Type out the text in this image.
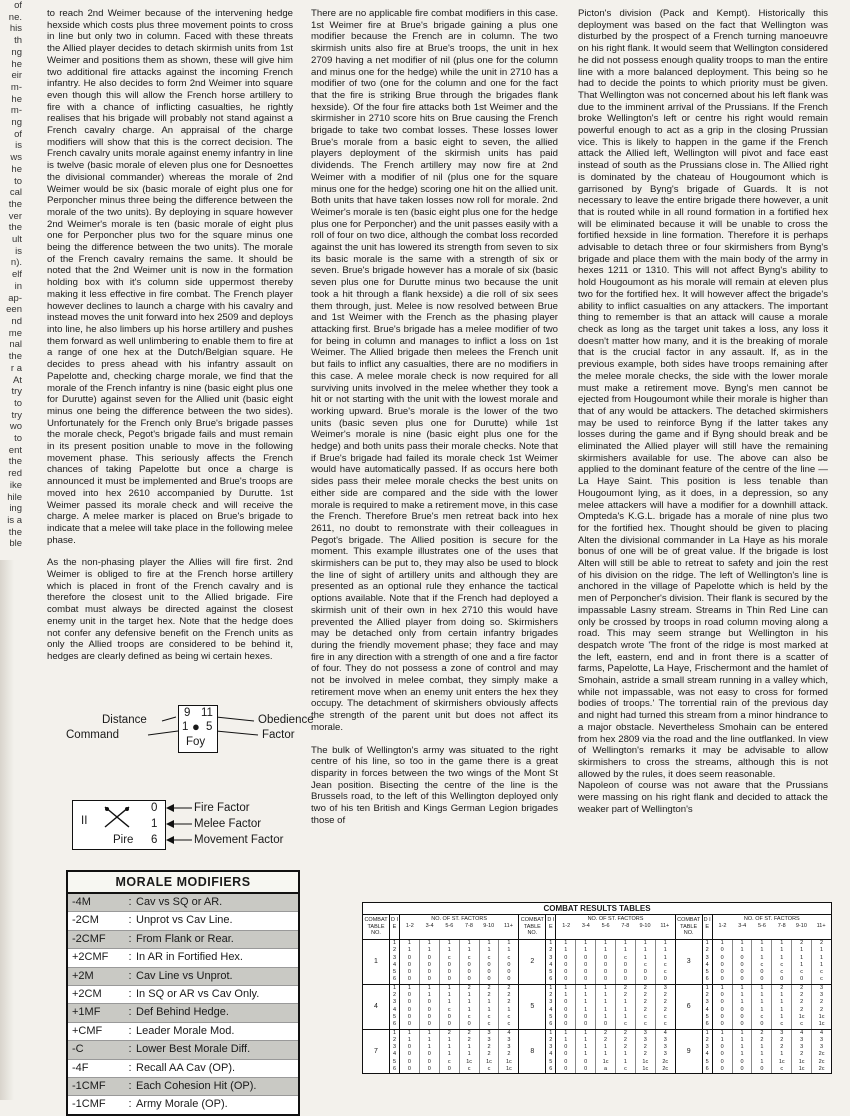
of
ne.
his
th
ng
he
eir
m-
he
m-
ng
of
is
ws
he
to
cal
the
ver
the
ult
is
n).
elf
in
ap-
een
nd
me
nal
the
r a
At
try
to
try
wo
to
ent
the
red
ike
hile
ing
is a
the
ble

to reach 2nd Weimer because of the intervening hedge hexside which costs plus three movement points to cross in line but only two in column. Faced with these threats the Allied player decides to detach skirmish units from 1st Weimer and positions them as shown, these will give him two additional fire attacks against the incoming French infantry. He also decides to form 2nd Weimer into square even though this will allow the French horse artillery to fire with a chance of inflicting casualties, he rightly realises that his brigade will probably not stand against a French cavalry charge. An appraisal of the charge modifiers will show that this is the correct decision. The French cavalry units morale against enemy infantry in line is twelve (basic morale of eleven plus one for Desnoettes the divisional commander) whereas the morale of 2nd Weimer would be six (basic morale of eight plus one for Perponcher minus three being the difference between the morale of the two units). By deploying in square however 2nd Weimer's morale is ten (basic morale of eight plus one for Perponcher plus two for the square minus one being the difference between the two units). The morale of the French cavalry remains the same. It should be noted that the 2nd Weimer unit is now in the formation holding box with it's column side uppermost thereby making it less effective in fire combat. The French player however declines to launch a charge with his cavalry and instead moves the unit forward into hex 2509 and deploys into line, he also limbers up his horse artillery and pushes them forward as well unlimbering to enable them to fire at a range of one hex at the Dutch/Belgian square. He decides to press ahead with his infantry assault on Papelotte and, checking charge morale, we find that the morale of the French infantry is nine (basic eight plus one for Durutte) against seven for the Allied unit (basic eight minus one being the difference between the two sides). Unfortunately for the French only Brue's brigade passes the morale check, Pegot's brigade fails and must remain in its present position unable to move in the following movement phase. This seriously affects the French chances of taking Papelotte but once a charge is announced it must be implemented and Brue's troops are moved into hex 2610 accompanied by Durutte. 1st Weimer passed its morale check and will receive the charge. A melee marker is placed on Brue's brigade to indicate that a melee will take place in the following melee phase.

As the non-phasing player the Allies will fire first. 2nd Weimer is obliged to fire at the French horse artillery which is placed in front of the French cavalry and is therefore the closest unit to the Allied brigade. Fire combat must always be directed against the closest enemy unit in the target hex. Note that the hedge does not confer any defensive benefit on the French units as only the Allied troops are considered to be behind it, hedges are clearly defined as being wi certain hexes.

There are no applicable fire combat modifiers in this case. 1st Weimer fire at Brue's brigade gaining a plus one modifier because the French are in column. The two skirmish units also fire at Brue's troops, the unit in hex 2709 having a net modifier of nil (plus one for the column and minus one for the hedge) while the unit in 2710 has a modifier of two (one for the column and one for the fact that the fire is striking Brue through the brigades flank hexside). Of the four fire attacks both 1st Weimer and the skirmisher in 2710 score hits on Brue causing the French brigade to take two combat losses. These losses lower Brue's morale from a basic eight to seven, the allied players deployment of the skirmish units has paid dividends. The French artillery may now fire at 2nd Weimer with a modifier of nil (plus one for the square minus one for the hedge) scoring one hit on the allied unit. Both units that have taken losses now roll for morale. 2nd Weimer's morale is ten (basic eight plus one for the hedge plus one for Perponcher) and the unit passes easily with a roll of four on two dice, although the combat loss recorded against the unit has lowered its strength from seven to six its basic morale is the same with a strength of six or seven. Brue's brigade however has a morale of six (basic seven plus one for Durutte minus two because the unit took a hit through a flank hexside) a die roll of six sees them through, just. Melee is now resolved between Brue and 1st Weimer with the French as the phasing player attacking first. Brue's brigade has a melee modifier of two for being in column and manages to inflict a loss on 1st Weimer. The Allied brigade then melees the French unit but fails to inflict any casualties, there are no modifiers in this case. A melee morale check is now required for all surviving units involved in the melee whether they took a hit or not starting with the unit with the lowest morale and working upward. Brue's morale is the lower of the two units (basic seven plus one for Durutte) while 1st Weimer's morale is nine (basic eight plus one for the hedge) and both units pass their morale checks. Note that if Brue's brigade had failed its morale check 1st Weimer would have automatically passed. If as occurs here both sides pass their melee morale checks the best units on either side are compared and the side with the lower morale is required to make a retirement move, in this case the French. Therefore Brue's men retreat back into hex 2611, no doubt to remonstrate with their colleagues in Pegot's brigade. The Allied position is secure for the moment. This example illustrates one of the uses that skirmishers can be put to, they may also be used to block the line of sight of artillery units and although they are presented as an optional rule they enhance the tactical options available. Note that if the French had deployed a skirmish unit of their own in hex 2710 this would have prevented the Allied player from doing so. Skirmishers may be detached only from certain infantry brigades during the friendly movement phase; they face and may fire in any direction with a strength of one and a fire factor of four. They do not possess a zone of control and may not be involved in melee combat, they simply make a retirement move when an enemy unit enters the hex they occupy. The detachment of skirmishers obviously affects the strength of the parent unit but does not affect its morale.

The bulk of Wellington's army was situated to the right centre of his line, so too in the game there is a great disparity in forces between the two wings of the Mont St Jean position. Bisecting the centre of the line is the Brussels road, to the left of this Wellington deployed only two of his ten British and Kings German Legion brigades those of

Picton's division (Pack and Kempt). Historically this deployment was based on the fact that Wellington was disturbed by the prospect of a French turning manoeuvre on his right flank. It would seem that Wellington considered he did not possess enough quality troops to man the entire line with a more balanced deployment. This being so he had to decide the points to which priority must be given. That Wellington was not concerned about his left flank was due to the imminent arrival of the Prussians. If the French broke Wellington's left or centre his right would remain powerful enough to act as a grip in the closing Prussian vice. This is likely to happen in the game if the French attack the Allied left, Wellington will pivot and face east instead of south as the Prussians close in. The Allied right is dominated by the chateau of Hougoumont which is garrisoned by Byng's brigade of Guards. It is not necessary to leave the entire brigade there however, a unit that is routed while in all round formation in a fortified hex will be eliminated because it will be unable to cross the fortified hexside in line formation. Therefore it is perhaps advisable to detach three or four skirmishers from Byng's brigade and place them with the main body of the army in hexes 1211 or 1310. This will not affect Byng's ability to hold Hougoumont as his morale will remain at eleven plus two for the fortified hex. It will however affect the brigade's ability to inflict casualties on any attackers. The important thing to remember is that an attack will cause a morale check as long as the target unit takes a loss, any loss it doesn't matter how many, and it is the breaking of morale that is the crucial factor in any assault. If, as in the previous example, both sides have troops remaining after the melee morale checks, the side with the lower morale must make a retirement move. Byng's men cannot be ejected from Hougoumont while their morale is higher than that of any would be attackers. The detached skirmishers may be used to reinforce Byng if the latter takes any losses during the game and if Byng should break and be eliminated the Allied player will still have the remaining skirmishers available for use. The above can also be applied to the dominant feature of the centre of the line — La Haye Saint. This position is less tenable than Hougoumont lying, as it does, in a depression, so any melee attackers will have a modifier for a downhill attack. Ompteda's K.G.L. brigade has a morale of nine plus two for the fortified hex. Thought should be given to placing Alten the divisional commander in La Haye as his morale bonus of one will be of great value. If the brigade is lost Alten will still be able to retreat to safety and join the rest of his division on the ridge. The left of Wellington's line is anchored in the village of Papelotte which is held by the men of Perponcher's division. Their flank is secured by the impassable Lasny stream. Streams in Thin Red Line can only be crossed by troops in road column moving along a road. This may seem strange but Wellington in his despatch wrote 'The front of the ridge is most marked at the left, eastern, end and in front there is a scatter of farms, Papelotte, La Haye, Frischermont and the hamlet of Smohain, astride a small stream running in a valley which, while not impassable, was not easy to cross for formed bodies of troops.' The torrential rain of the previous day and night had turned this stream from a minor hindrance to a major obstacle. Nevertheless Smohain can be entered from hex 2809 via the road and the line outflanked. In view of Wellington's remarks it may be advisable to allow skirmishers to cross the streams, although this is not allowed by the rules, it does seem reasonable.

Napoleon of course was not aware that the Prussians were massing on his right flank and decided to attack the weaker part of Wellington's

Distance
Command
Obedience
Factor
9 11
1 ● 5
Foy
II
Pire
0
1
6
Fire Factor
Melee Factor
Movement Factor
MORALE MODIFIERS
-4M	: Cav vs SQ or AR.
-2CM	: Unprot vs Cav Line.
-2CMF	: From Flank or Rear.
+2CMF	: In AR in Fortified Hex.
+2M	: Cav Line vs Unprot.
+2CM	: In SQ or AR vs Cav Only.
+1MF	: Def Behind Hedge.
+CMF	: Leader Morale Mod.
-C	: Lower Best Morale Diff.
-4F	: Recall AA Cav (OP).
-1CMF	: Each Cohesion Hit (OP).
-1CMF	: Army Morale (OP).
COMBAT RESULTS TABLES
COMBAT TABLE NO.
D I E
NO. OF ST. FACTORS
1-2	3-4	5-6	7-8	9-10	11+
1
1	1	1	1	1	1	1
2	1	1	1	1	1	1
3	0	0	c	c	c	c
4	0	0	0	0	0	0
5	0	0	0	0	0	0
6	0	0	0	0	0	0
4
1	1	1	1	2	2	2
2	0	1	1	1	2	2
3	0	0	1	1	1	2
4	0	0	c	1	1	1
5	0	0	0	c	c	c
6	0	0	0	0	c	c
7
1	1	1	2	2	3	4
2	1	1	1	2	3	3
3	0	1	1	1	2	3
4	0	0	1	1	2	2
5	0	0	c	1c	1c	1c
6	0	0	0	c	c	1c
COMBAT TABLE NO.
D I E
NO. OF ST. FACTORS
1-2	3-4	5-6	7-8	9-10	11+
2
1	1	1	1	1	1	1
2	1	1	1	1	1	1
3	0	0	0	c	1	1
4	0	0	0	0	c	c
5	0	0	0	0	0	c
6	0	0	0	0	0	0
5
1	1	1	1	2	2	3
2	1	1	1	2	2	2
3	0	1	1	1	2	2
4	0	1	1	1	2	2
5	0	0	1	1	c	c
6	0	0	0	c	c	c
8
1	1	1	2	2	3	4
2	1	1	2	2	3	3
3	0	1	1	2	2	3
4	0	1	1	1	2	3
5	0	0	1c	1	1c	2c
6	0	0	a	c	1c	2c
COMBAT TABLE NO.
D I E
NO. OF ST. FACTORS
1-2	3-4	5-6	7-8	9-10	11+
3
1	1	1	1	1	2	2
2	0	1	1	1	1	1
3	0	0	1	1	1	1
4	0	0	c	c	1	1
5	0	0	0	c	c	c
6	0	0	0	0	0	c
6
1	1	1	1	2	2	3
2	0	1	1	1	2	3
3	0	1	1	1	2	2
4	0	0	1	1	2	2
5	0	0	c	1	1c	1c
6	0	0	0	c	c	1c
9
1	1	1	2	3	4	4
2	1	1	2	2	3	3
3	0	1	1	2	3	3
4	0	1	1	1	2	2c
5	0	0	1	1c	1c	2c
6	0	0	0	c	1c	2c
